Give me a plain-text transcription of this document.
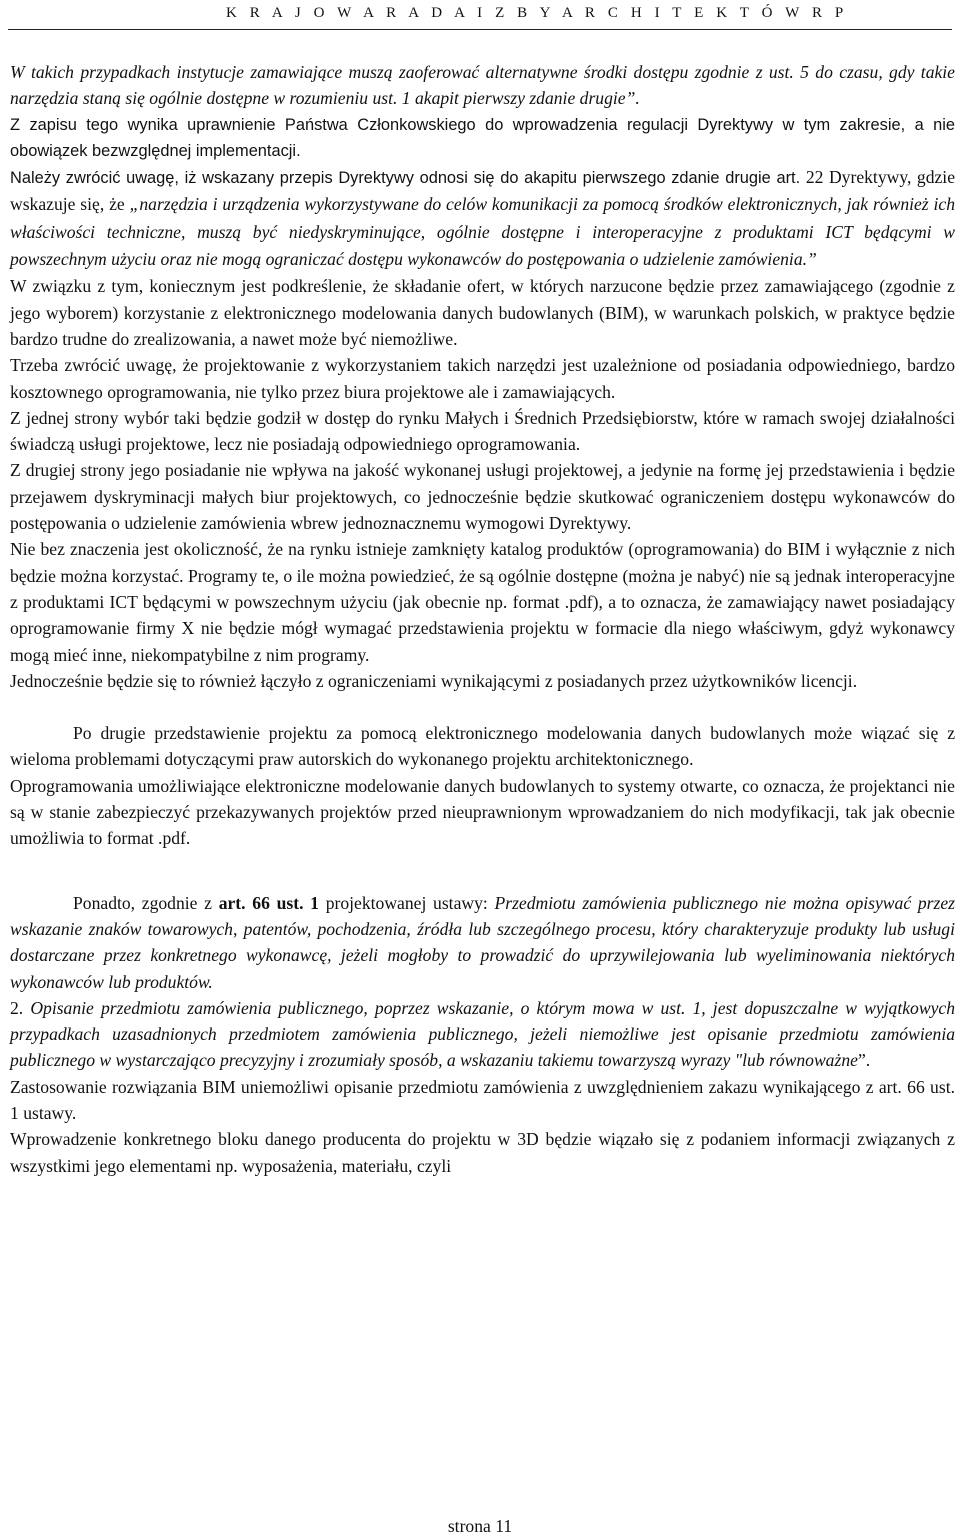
K R A J O W A R A D A I Z B Y A R C H I T E K T Ó W R P

W takich przypadkach instytucje zamawiające muszą zaoferować alternatywne środki dostępu zgodnie z ust. 5 do czasu, gdy takie narzędzia staną się ogólnie dostępne w rozumieniu ust. 1 akapit pierwszy zdanie drugie”.

Z zapisu tego wynika uprawnienie Państwa Członkowskiego do wprowadzenia regulacji Dyrektywy w tym zakresie, a nie obowiązek bezwzględnej implementacji.

Należy zwrócić uwagę, iż wskazany przepis Dyrektywy odnosi się do akapitu pierwszego zdanie drugie art. 22 Dyrektywy, gdzie wskazuje się, że „narzędzia i urządzenia wykorzystywane do celów komunikacji za pomocą środków elektronicznych, jak również ich właściwości techniczne, muszą być niedyskryminujące, ogólnie dostępne i interoperacyjne z produktami ICT będącymi w powszechnym użyciu oraz nie mogą ograniczać dostępu wykonawców do postępowania o udzielenie zamówienia.”

W związku z tym, koniecznym jest podkreślenie, że składanie ofert, w których narzucone będzie przez zamawiającego (zgodnie z jego wyborem) korzystanie z elektronicznego modelowania danych budowlanych (BIM), w warunkach polskich, w praktyce będzie bardzo trudne do zrealizowania, a nawet może być niemożliwe.

Trzeba zwrócić uwagę, że projektowanie z wykorzystaniem takich narzędzi jest uzależnione od posiadania odpowiedniego, bardzo kosztownego oprogramowania, nie tylko przez biura projektowe ale i zamawiających.

Z jednej strony wybór taki będzie godził w dostęp do rynku Małych i Średnich Przedsiębiorstw, które w ramach swojej działalności świadczą usługi projektowe, lecz nie posiadają odpowiedniego oprogramowania.

Z drugiej strony jego posiadanie nie wpływa na jakość wykonanej usługi projektowej, a jedynie na formę jej przedstawienia i będzie przejawem dyskryminacji małych biur projektowych, co jednocześnie będzie skutkować ograniczeniem dostępu wykonawców do postępowania o udzielenie zamówienia wbrew jednoznacznemu wymogowi Dyrektywy.

Nie bez znaczenia jest okoliczność, że na rynku istnieje zamknięty katalog produktów (oprogramowania) do BIM i wyłącznie z nich będzie można korzystać. Programy te, o ile można powiedzieć, że są ogólnie dostępne (można je nabyć) nie są jednak interoperacyjne z produktami ICT będącymi w powszechnym użyciu (jak obecnie np. format .pdf), a to oznacza, że zamawiający nawet posiadający oprogramowanie firmy X nie będzie mógł wymagać przedstawienia projektu w formacie dla niego właściwym, gdyż wykonawcy mogą mieć inne, niekompatybilne z nim programy.

Jednocześnie będzie się to również łączyło z ograniczeniami wynikającymi z posiadanych przez użytkowników licencji.

Po drugie przedstawienie projektu za pomocą elektronicznego modelowania danych budowlanych może wiązać się z wieloma problemami dotyczącymi praw autorskich do wykonanego projektu architektonicznego.

Oprogramowania umożliwiające elektroniczne modelowanie danych budowlanych to systemy otwarte, co oznacza, że projektanci nie są w stanie zabezpieczyć przekazywanych projektów przed nieuprawnionym wprowadzaniem do nich modyfikacji, tak jak obecnie umożliwia to format .pdf.

Ponadto, zgodnie z art. 66 ust. 1 projektowanej ustawy: Przedmiotu zamówienia publicznego nie można opisywać przez wskazanie znaków towarowych, patentów, pochodzenia, źródła lub szczególnego procesu, który charakteryzuje produkty lub usługi dostarczane przez konkretnego wykonawcę, jeżeli mogłoby to prowadzić do uprzywilejowania lub wyeliminowania niektórych wykonawców lub produktów.

2. Opisanie przedmiotu zamówienia publicznego, poprzez wskazanie, o którym mowa w ust. 1, jest dopuszczalne w wyjątkowych przypadkach uzasadnionych przedmiotem zamówienia publicznego, jeżeli niemożliwe jest opisanie przedmiotu zamówienia publicznego w wystarczająco precyzyjny i zrozumiały sposób, a wskazaniu takiemu towarzyszą wyrazy "lub równoważne”.

Zastosowanie rozwiązania BIM uniemożliwi opisanie przedmiotu zamówienia z uwzględnieniem zakazu wynikającego z art. 66 ust. 1 ustawy.

Wprowadzenie konkretnego bloku danego producenta do projektu w 3D będzie wiązało się z podaniem informacji związanych z wszystkimi jego elementami np. wyposażenia, materiału, czyli

strona 11
